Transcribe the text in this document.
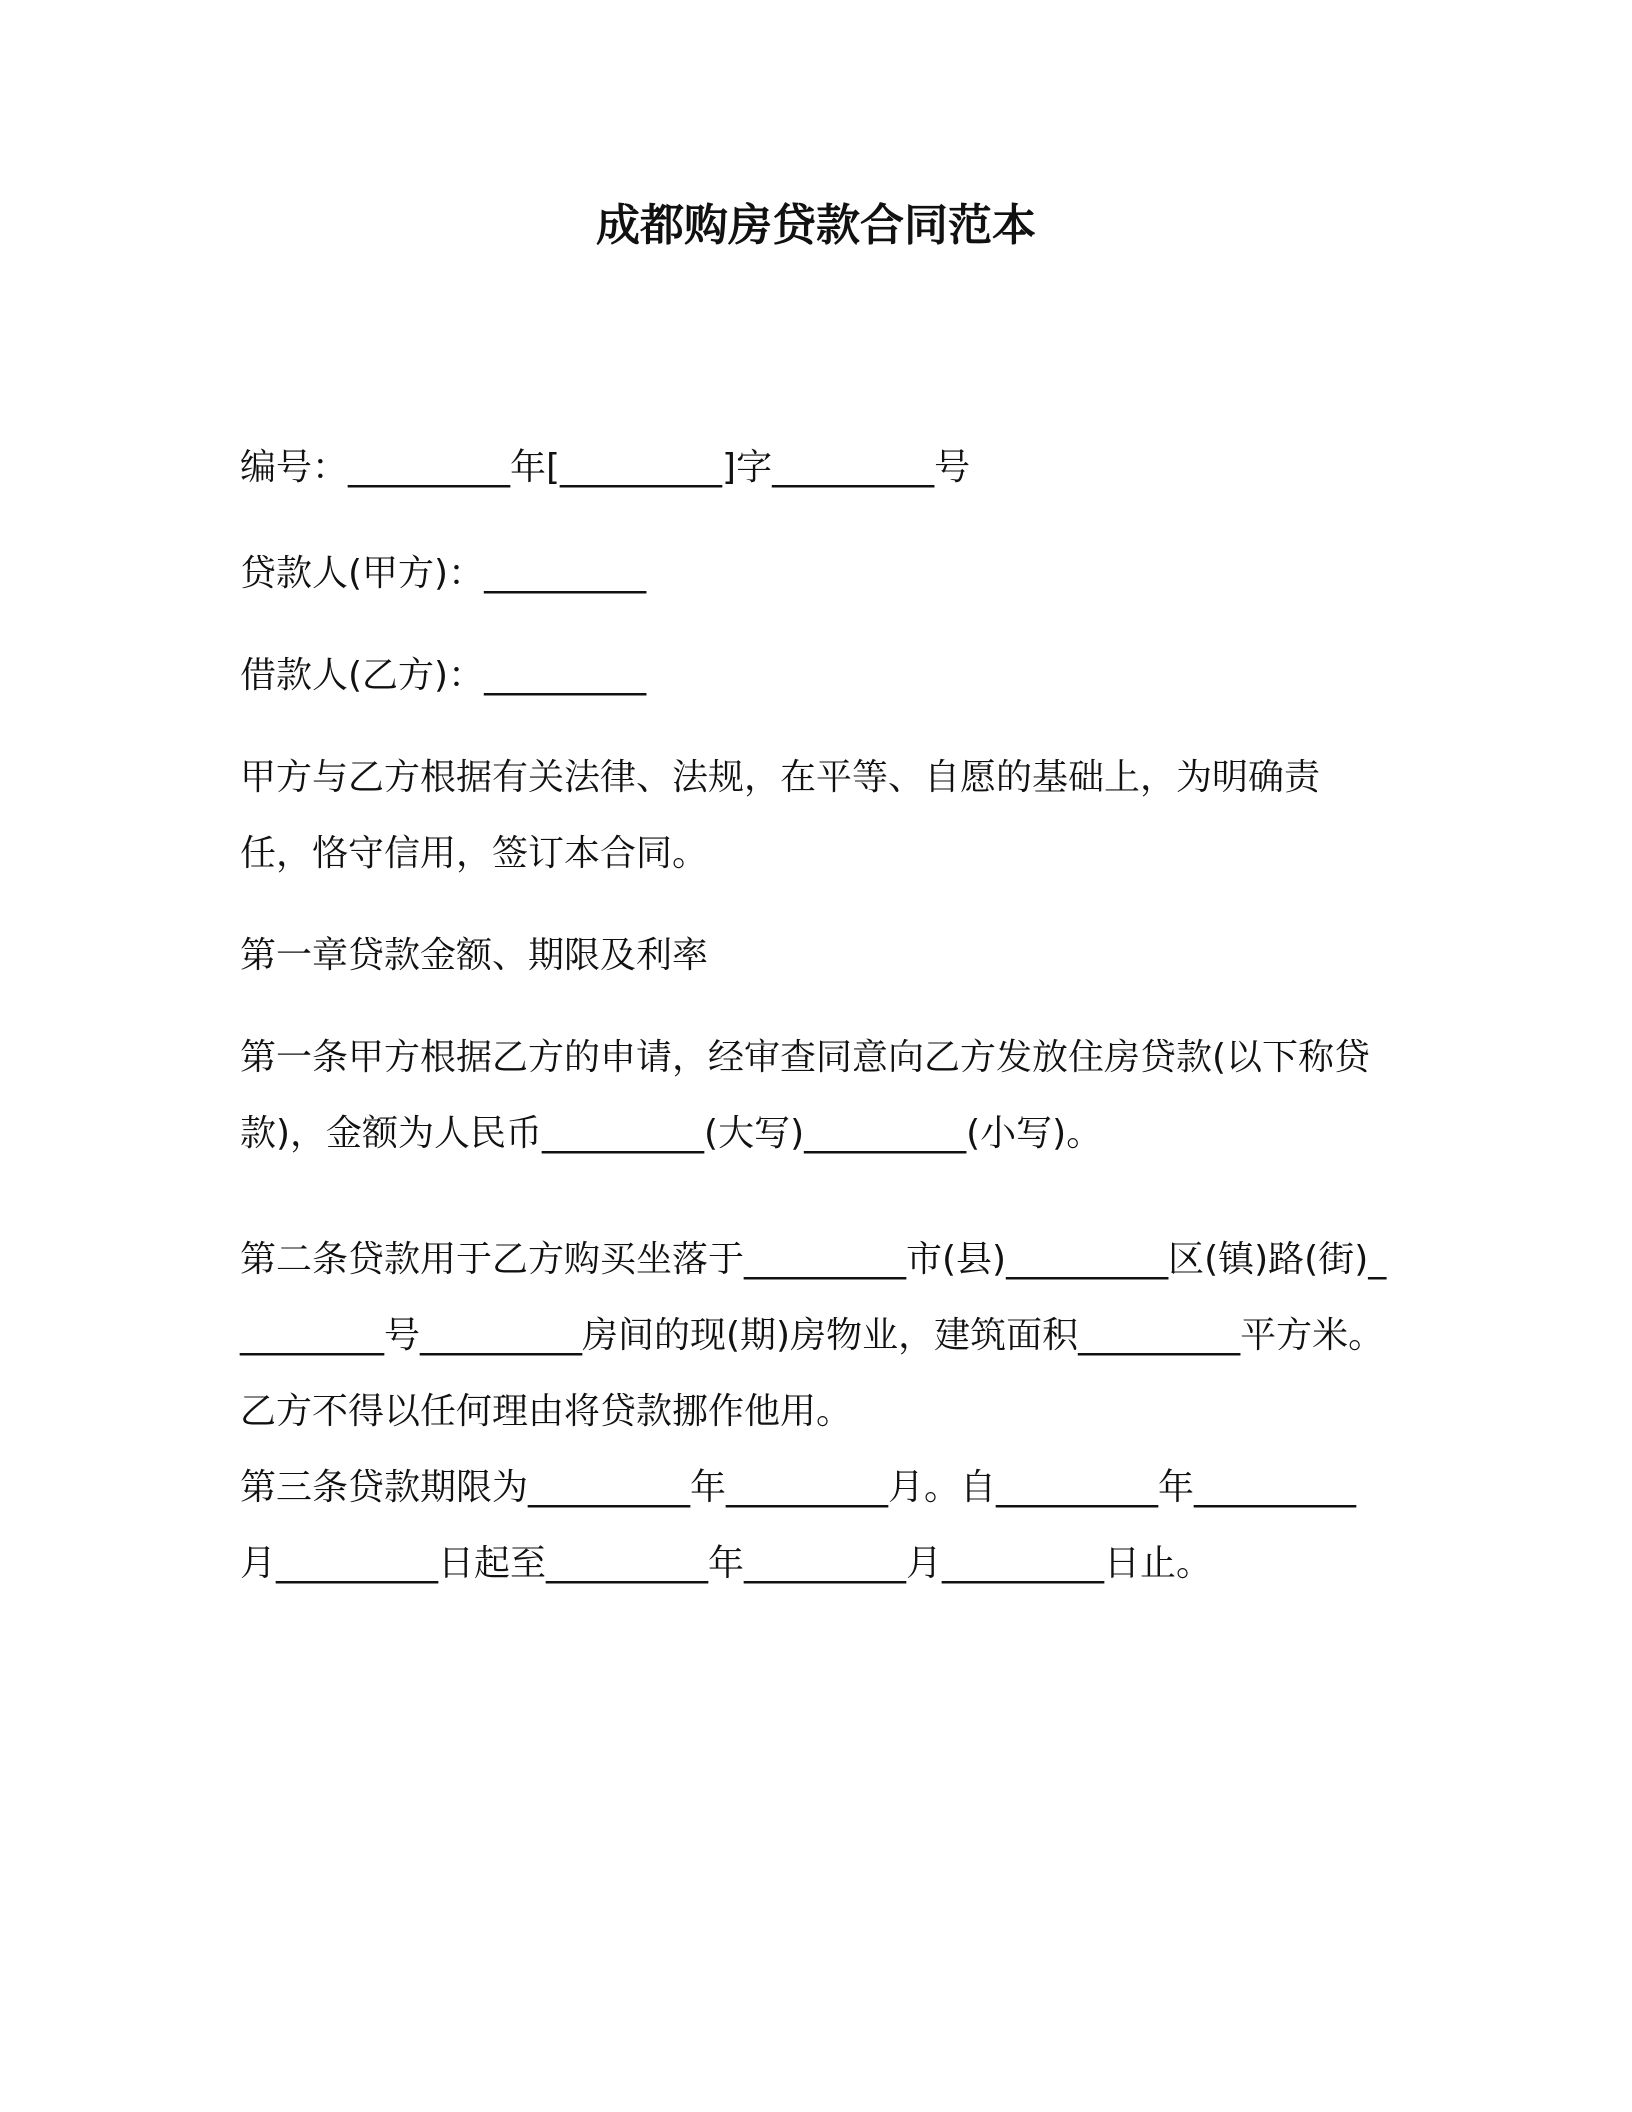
成都购房贷款合同范本

编号：_________年[_________]字_________号

贷款人(甲方)：_________

借款人(乙方)：_________

甲方与乙方根据有关法律、法规，在平等、自愿的基础上，为明确责任，恪守信用，签订本合同。

第一章贷款金额、期限及利率

第一条甲方根据乙方的申请，经审查同意向乙方发放住房贷款(以下称贷款)，金额为人民币_________(大写)_________(小写)。

第二条贷款用于乙方购买坐落于_________市(县)_________区(镇)路(街)_________号_________房间的现(期)房物业，建筑面积_________平方米。乙方不得以任何理由将贷款挪作他用。

第三条贷款期限为_________年_________月。自_________年_________月_________日起至_________年_________月_________日止。
